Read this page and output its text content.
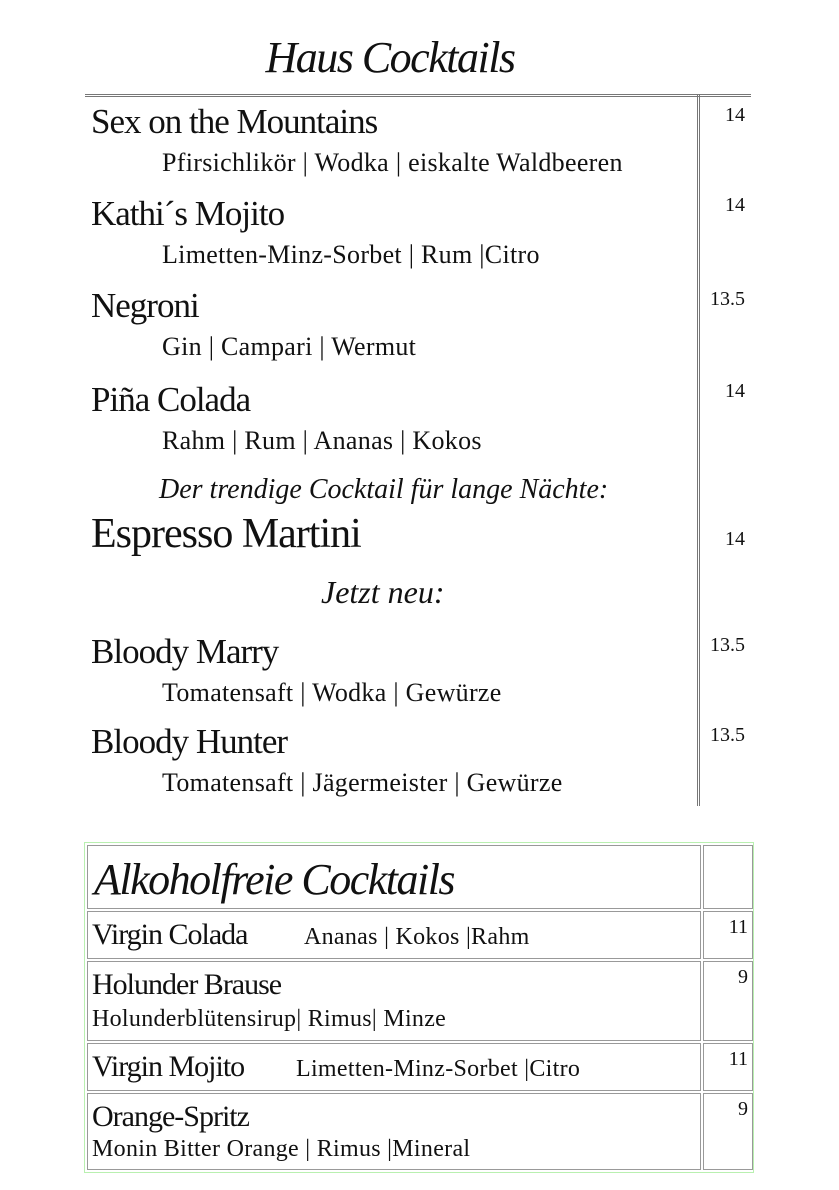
Haus Cocktails
Sex on the Mountains
Pfirsichlikör | Wodka | eiskalte Waldbeeren
14
Kathi´s Mojito
Limetten-Minz-Sorbet | Rum |Citro
14
Negroni
Gin | Campari | Wermut
13.5
Piña Colada
Rahm | Rum | Ananas | Kokos
14
Der trendige Cocktail für lange Nächte:
Espresso Martini	14
Jetzt neu:
Bloody Marry
Tomatensaft | Wodka | Gewürze
13.5
Bloody Hunter
Tomatensaft | Jägermeister | Gewürze
13.5
Alkoholfreie Cocktails
Virgin Colada Ananas | Kokos |Rahm	11
Holunder Brause
Holunderblütensirup| Rimus| Minze
9
Virgin Mojito Limetten-Minz-Sorbet |Citro	11
Orange-Spritz
Monin Bitter Orange | Rimus |Mineral
9
